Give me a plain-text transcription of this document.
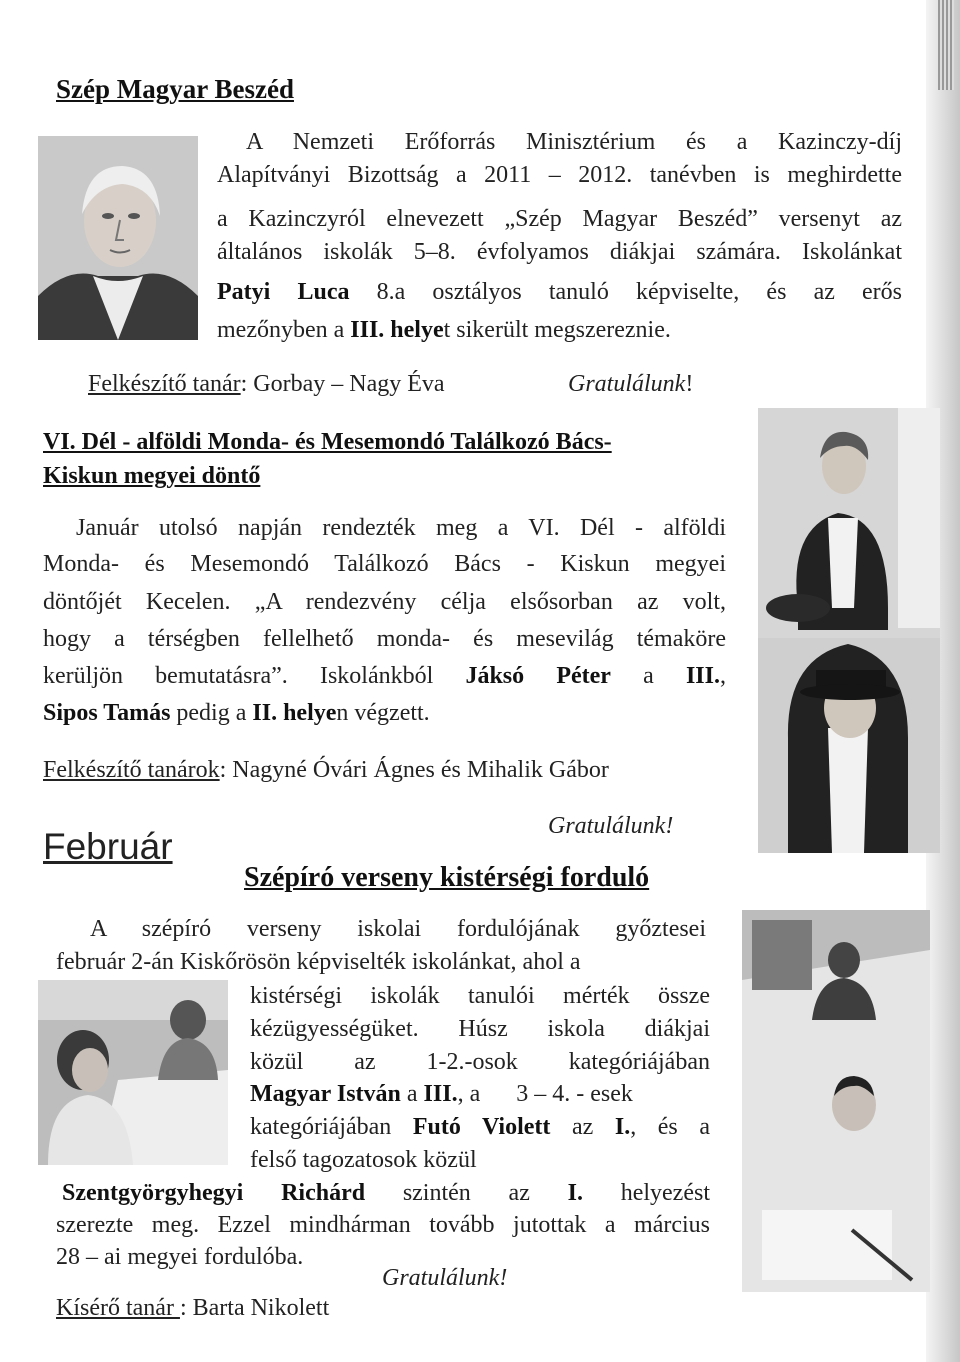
Szép Magyar Beszéd
A Nemzeti Erőforrás Minisztérium és a Kazinczy-díj
Alapítványi Bizottság a 2011 – 2012. tanévben is meghirdette
a Kazinczyról elnevezett „Szép Magyar Beszéd” versenyt az
általános iskolák 5–8. évfolyamos diákjai számára. Iskolánkat
Patyi Luca 8.a osztályos tanuló képviselte, és az erős
mezőnyben a III. helyet sikerült megszereznie.
Felkészítő tanár: Gorbay – Nagy Éva	Gratulálunk!
VI. Dél - alföldi Monda- és Mesemondó Találkozó Bács-
Kiskun megyei döntő
Január utolsó napján rendezték meg a VI. Dél - alföldi
Monda- és Mesemondó Találkozó Bács - Kiskun megyei
döntőjét Kecelen. „A rendezvény célja elsősorban az volt,
hogy a térségben fellelhető monda- és mesevilág témaköre
kerüljön bemutatásra”. Iskolánkból Jáksó Péter a III.,
Sipos Tamás pedig a II. helyen végzett.
Felkészítő tanárok: Nagyné Óvári Ágnes és Mihalik Gábor
Gratulálunk!
Február
Szépíró verseny kistérségi forduló
A szépíró verseny iskolai fordulójának győztesei
február 2-án Kiskőrösön képviselték iskolánkat, ahol a
kistérségi iskolák tanulói mérték össze
kézügyességüket. Húsz iskola diákjai
közül az 1-2.-osok kategóriájában
Magyar István a III., a      3 – 4. - esek
kategóriájában Futó Violett az I., és a
felső tagozatosok közül
Szentgyörgyhegyi Richárd szintén az I. helyezést
szerezte meg. Ezzel mindhárman tovább jutottak a március
28 – ai megyei fordulóba.
Gratulálunk!
Kísérő tanár : Barta Nikolett
